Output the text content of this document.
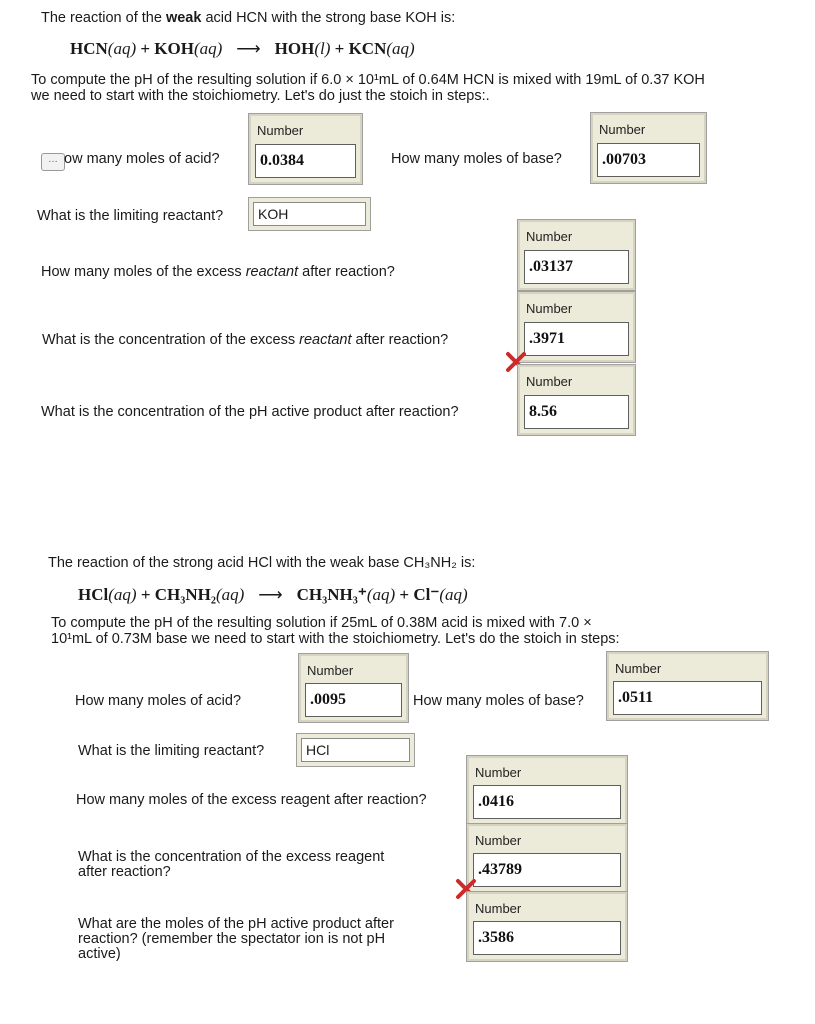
The reaction of the weak acid HCN with the strong base KOH is:
HCN(aq) + KOH(aq) ⟶ HOH(l) + KCN(aq)
To compute the pH of the resulting solution if 6.0 × 10¹mL of 0.64M HCN is mixed with 19mL of 0.37 KOH
we need to start with the stoichiometry. Let's do just the stoich in steps:.
… ow many moles of acid?
Number
0.0384	How many moles of base?
Number
.00703
What is the limiting reactant?	KOH
How many moles of the excess reactant after reaction?
Number
.03137
What is the concentration of the excess reactant after reaction?
Number
.3971
What is the concentration of the pH active product after reaction?
Number
8.56
The reaction of the strong acid HCl with the weak base CH₃NH₂ is:
HCl(aq) + CH₃NH₂(aq) ⟶ CH₃NH₃⁺(aq) + Cl⁻(aq)
To compute the pH of the resulting solution if 25mL of 0.38M acid is mixed with 7.0 ×
10¹mL of 0.73M base we need to start with the stoichiometry. Let's do the stoich in steps:
How many moles of acid?
Number
.0095	How many moles of base?
Number
.0511
What is the limiting reactant?	HCl
How many moles of the excess reagent after reaction?
Number
.0416
What is the concentration of the excess reagent after reaction?
Number
.43789
What are the moles of the pH active product after reaction? (remember the spectator ion is not pH active)
Number
.3586
